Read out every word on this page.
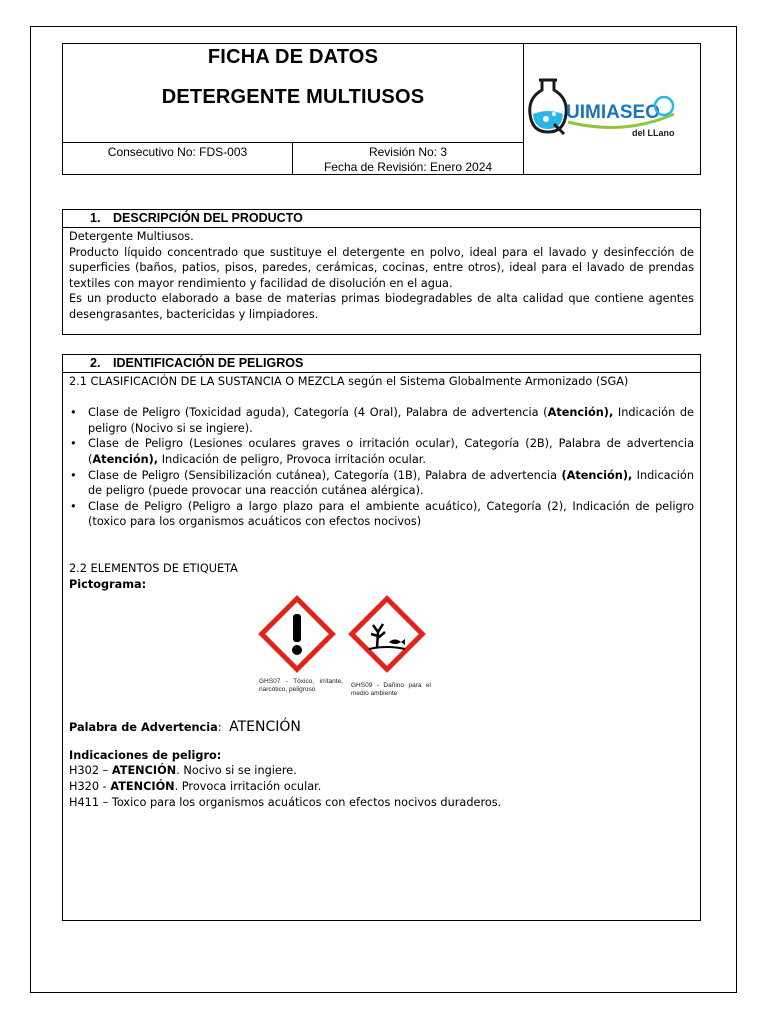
FICHA DE DATOS
DETERGENTE MULTIUSOS
Consecutivo No: FDS-003	Revisión No: 3
Fecha de Revisión: Enero 2024
UIMIASEO
del LLano
1. DESCRIPCIÓN DEL PRODUCTO

Detergente Multiusos.

Producto líquido concentrado que sustituye el detergente en polvo, ideal para el lavado y desinfección de superficies (baños, patios, pisos, paredes, cerámicas, cocinas, entre otros), ideal para el lavado de prendas textiles con mayor rendimiento y facilidad de disolución en el agua.

Es un producto elaborado a base de materias primas biodegradables de alta calidad que contiene agentes desengrasantes, bactericidas y limpiadores.

2. IDENTIFICACIÓN DE PELIGROS

2.1 CLASIFICACIÓN DE LA SUSTANCIA O MEZCLA según el Sistema Globalmente Armonizado (SGA)

• Clase de Peligro (Toxicidad aguda), Categoría (4 Oral), Palabra de advertencia (Atención), Indicación de peligro (Nocivo si se ingiere).
• Clase de Peligro (Lesiones oculares graves o irritación ocular), Categoría (2B), Palabra de advertencia (Atención), Indicación de peligro, Provoca irritación ocular.
• Clase de Peligro (Sensibilización cutánea), Categoría (1B), Palabra de advertencia (Atención), Indicación de peligro (puede provocar una reacción cutánea alérgica).
• Clase de Peligro (Peligro a largo plazo para el ambiente acuático), Categoría (2), Indicación de peligro (toxico para los organismos acuáticos con efectos nocivos)

2.2 ELEMENTOS DE ETIQUETA

Pictograma:

GHS07 - Tóxico, irritante, narcótico, peligroso	GHS09 - Dañino para el medio ambiente

Palabra de Advertencia: ATENCIÓN

Indicaciones de peligro:

H302 – ATENCIÓN. Nocivo si se ingiere.

H320 - ATENCIÓN. Provoca irritación ocular.

H411 – Toxico para los organismos acuáticos con efectos nocivos duraderos.
